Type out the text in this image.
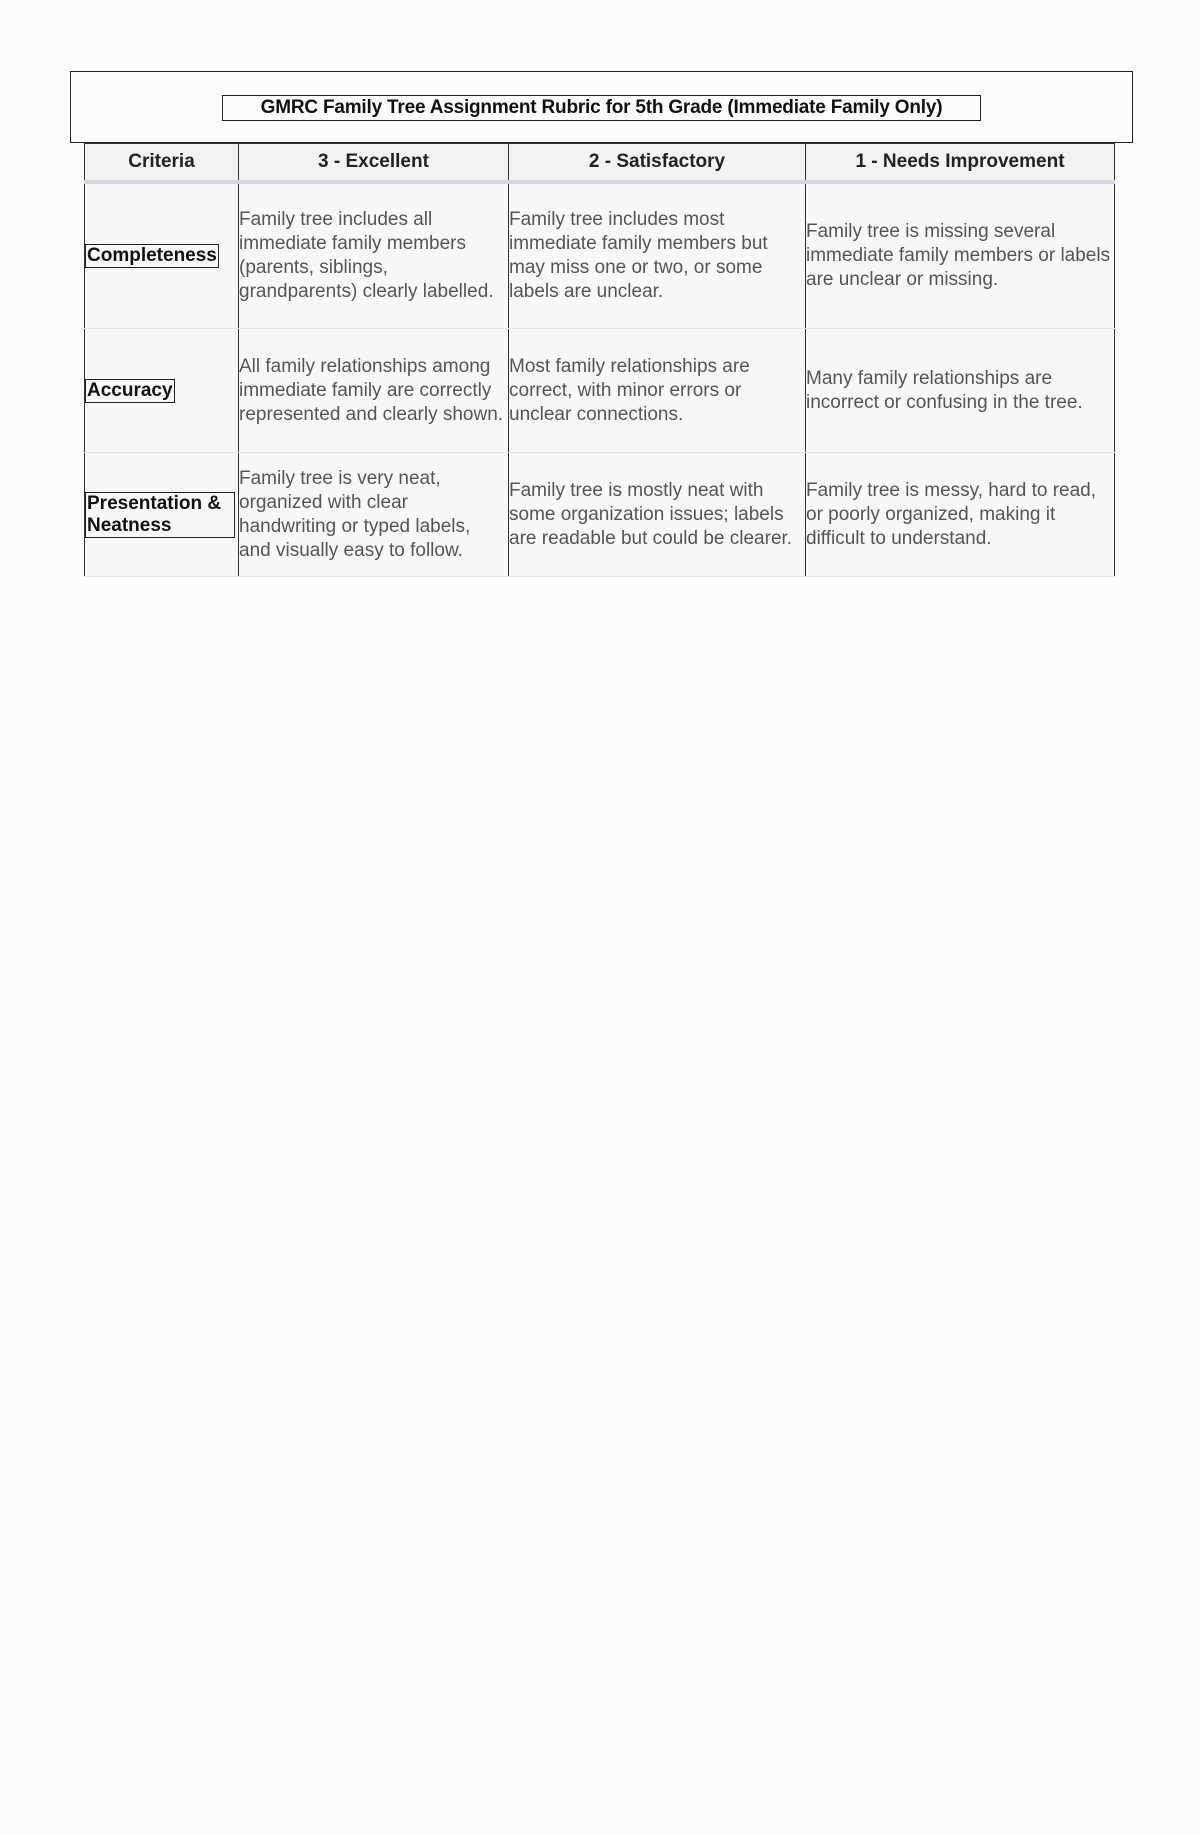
GMRC Family Tree Assignment Rubric for 5th Grade (Immediate Family Only)
Criteria	3 - Excellent	2 - Satisfactory	1 - Needs Improvement
Completeness	Family tree includes all immediate family members (parents, siblings, grandparents) clearly labelled.	Family tree includes most immediate family members but may miss one or two, or some labels are unclear.	Family tree is missing several immediate family members or labels are unclear or missing.
Accuracy	All family relationships among immediate family are correctly represented and clearly shown.	Most family relationships are correct, with minor errors or unclear connections.	Many family relationships are incorrect or confusing in the tree.
Presentation & Neatness	Family tree is very neat, organized with clear handwriting or typed labels, and visually easy to follow.	Family tree is mostly neat with some organization issues; labels are readable but could be clearer.	Family tree is messy, hard to read, or poorly organized, making it difficult to understand.
